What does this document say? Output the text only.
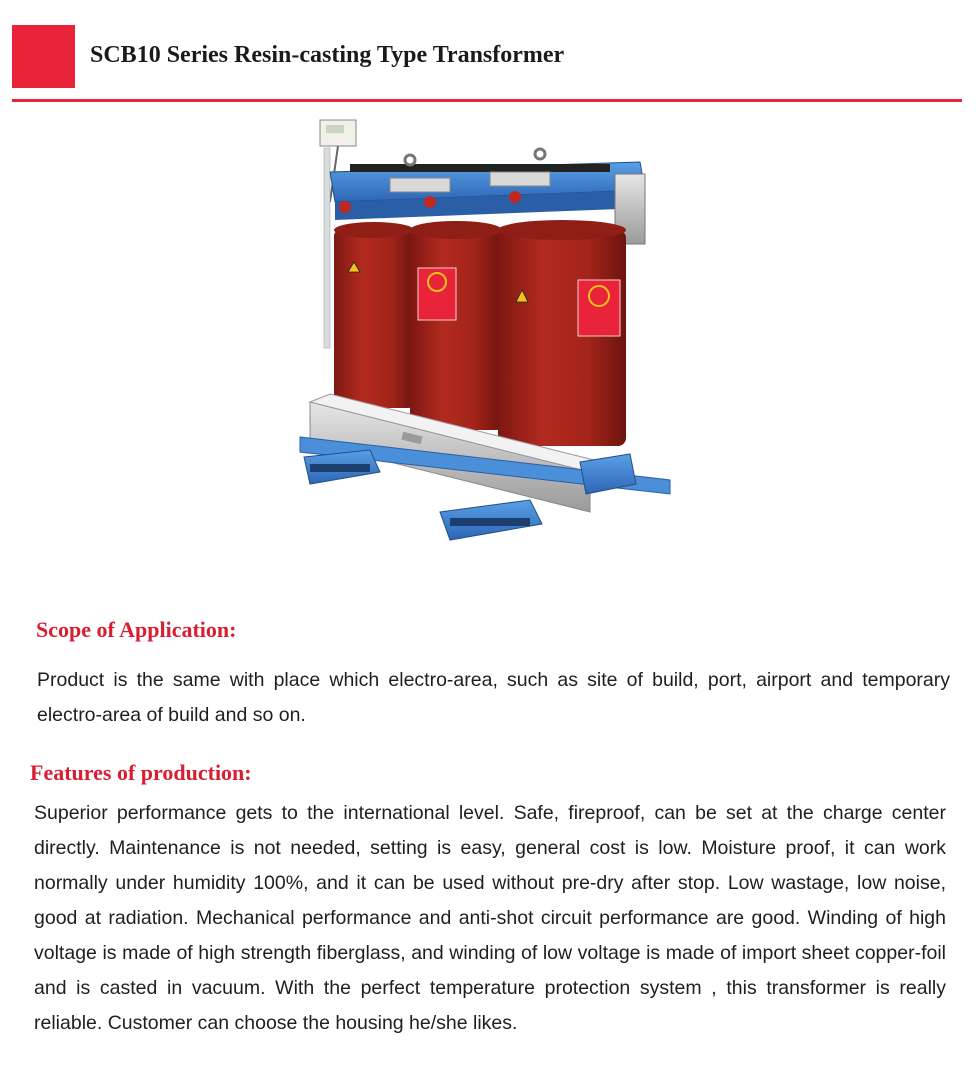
SCB10 Series Resin-casting Type Transformer
Scope of Application:

Product is the same with place which electro-area, such as site of build, port, airport and temporary electro-area of build and so on.

Features of production:

Superior performance gets to the international level. Safe, fireproof, can be set at the charge center directly. Maintenance is not needed, setting is easy, general cost is low. Moisture proof, it can work normally under humidity 100%, and it can be used without pre-dry after stop. Low wastage, low noise, good at radiation. Mechanical performance and anti-shot circuit performance are good. Winding of high voltage is made of high strength fiberglass, and winding of low voltage is made of import sheet copper-foil and is casted in vacuum. With the perfect temperature protection system , this transformer is really reliable. Customer can choose the housing he/she likes.
